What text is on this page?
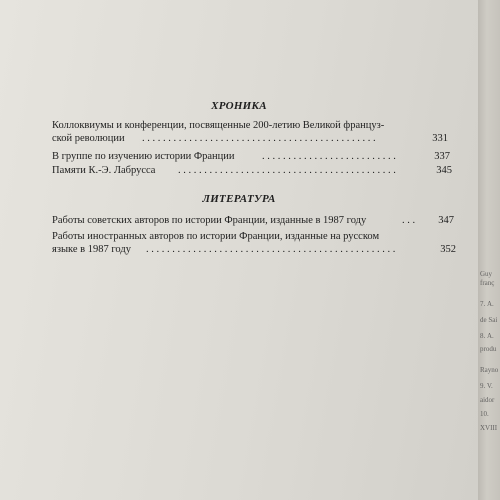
ХРОНИКА
Коллоквиумы и конференции, посвященные 200-летию Великой француз-
ской революции	. . . . . . . . . . . . . . . . . . . . . . . . . . . . . . . . . . . . . . . . . . . . .	331
В группе по изучению истории Франции	. . . . . . . . . . . . . . . . . . . . . . . . . .	337
Памяти К.-Э. Лабрусса	. . . . . . . . . . . . . . . . . . . . . . . . . . . . . . . . . . . . . . . . . .	345
ЛИТЕРАТУРА
Работы советских авторов по истории Франции, изданные в 1987 году	. . .	347
Работы иностранных авторов по истории Франции, изданные на русском
языке в 1987 году	. . . . . . . . . . . . . . . . . . . . . . . . . . . . . . . . . . . . . . . . . . . . . . . .	352
Guy
franç
7. А.
de Sai
8. А.
produ
Rayno
9. V.
aidor
10.
XVIII
